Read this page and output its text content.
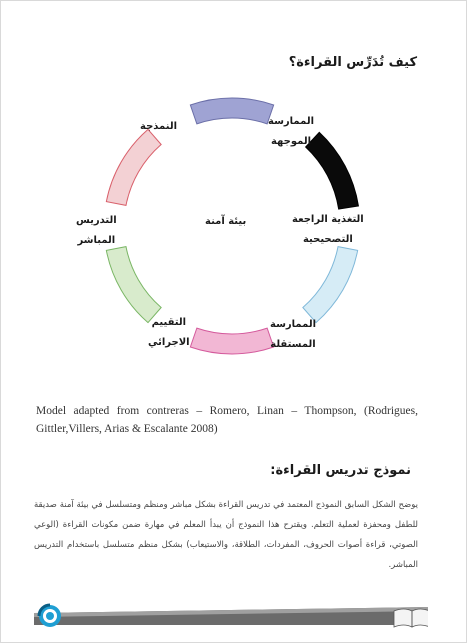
كيف تُدَرِّس القراءة؟
بيئة آمنة
النمذجة	الممارسة
الموجهة
التغذية الراجعة
التصحيحية
الممارسة
المستقلة
التقييم
الاجرائي
التدريس
المباشر
Model adapted from contreras – Romero, Linan – Thompson, (Rodrigues, Gittler,Villers, Arias & Escalante 2008)
نموذج تدريس القراءة:
يوضح الشكل السابق النموذج المعتمد في تدريس القراءة بشكل مباشر ومنظم ومتسلسل في بيئة آمنة صديقة للطفل ومحفزة لعملية التعلم. ويقترح هذا النموذج أن يبدأ المعلم في مهارة ضمن مكونات القراءة (الوعي الصوتي، قراءة أصوات الحروف، المفردات، الطلاقة، والاستيعاب) بشكل منظم متسلسل باستخدام التدريس المباشر.
